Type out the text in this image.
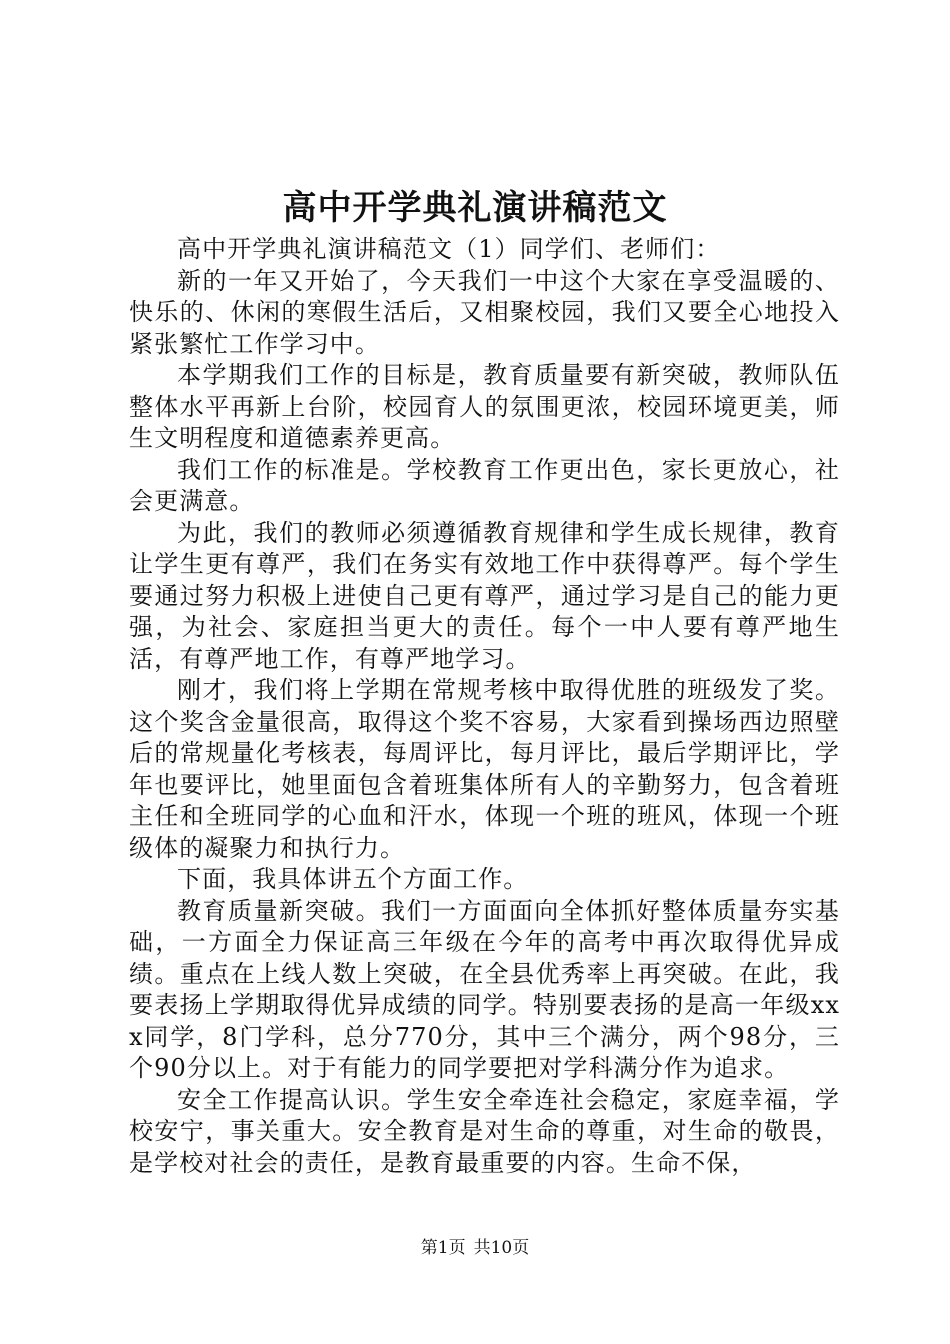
高中开学典礼演讲稿范文

高中开学典礼演讲稿范文（1）同学们、老师们：

新的一年又开始了，今天我们一中这个大家在享受温暖的、快乐的、休闲的寒假生活后，又相聚校园，我们又要全心地投入紧张繁忙工作学习中。

本学期我们工作的目标是，教育质量要有新突破，教师队伍整体水平再新上台阶，校园育人的氛围更浓，校园环境更美，师生文明程度和道德素养更高。

我们工作的标准是。学校教育工作更出色，家长更放心，社会更满意。

为此，我们的教师必须遵循教育规律和学生成长规律，教育让学生更有尊严，我们在务实有效地工作中获得尊严。每个学生要通过努力积极上进使自己更有尊严，通过学习是自己的能力更强，为社会、家庭担当更大的责任。每个一中人要有尊严地生活，有尊严地工作，有尊严地学习。

刚才，我们将上学期在常规考核中取得优胜的班级发了奖。这个奖含金量很高，取得这个奖不容易，大家看到操场西边照壁后的常规量化考核表，每周评比，每月评比，最后学期评比，学年也要评比，她里面包含着班集体所有人的辛勤努力，包含着班主任和全班同学的心血和汗水，体现一个班的班风，体现一个班级体的凝聚力和执行力。

下面，我具体讲五个方面工作。

教育质量新突破。我们一方面面向全体抓好整体质量夯实基础，一方面全力保证高三年级在今年的高考中再次取得优异成绩。重点在上线人数上突破，在全县优秀率上再突破。在此，我要表扬上学期取得优异成绩的同学。特别要表扬的是高一年级xxx同学，8门学科，总分770分，其中三个满分，两个98分，三个90分以上。对于有能力的同学要把对学科满分作为追求。

安全工作提高认识。学生安全牵连社会稳定，家庭幸福，学校安宁，事关重大。安全教育是对生命的尊重，对生命的敬畏，是学校对社会的责任，是教育最重要的内容。生命不保，

第1页 共10页
